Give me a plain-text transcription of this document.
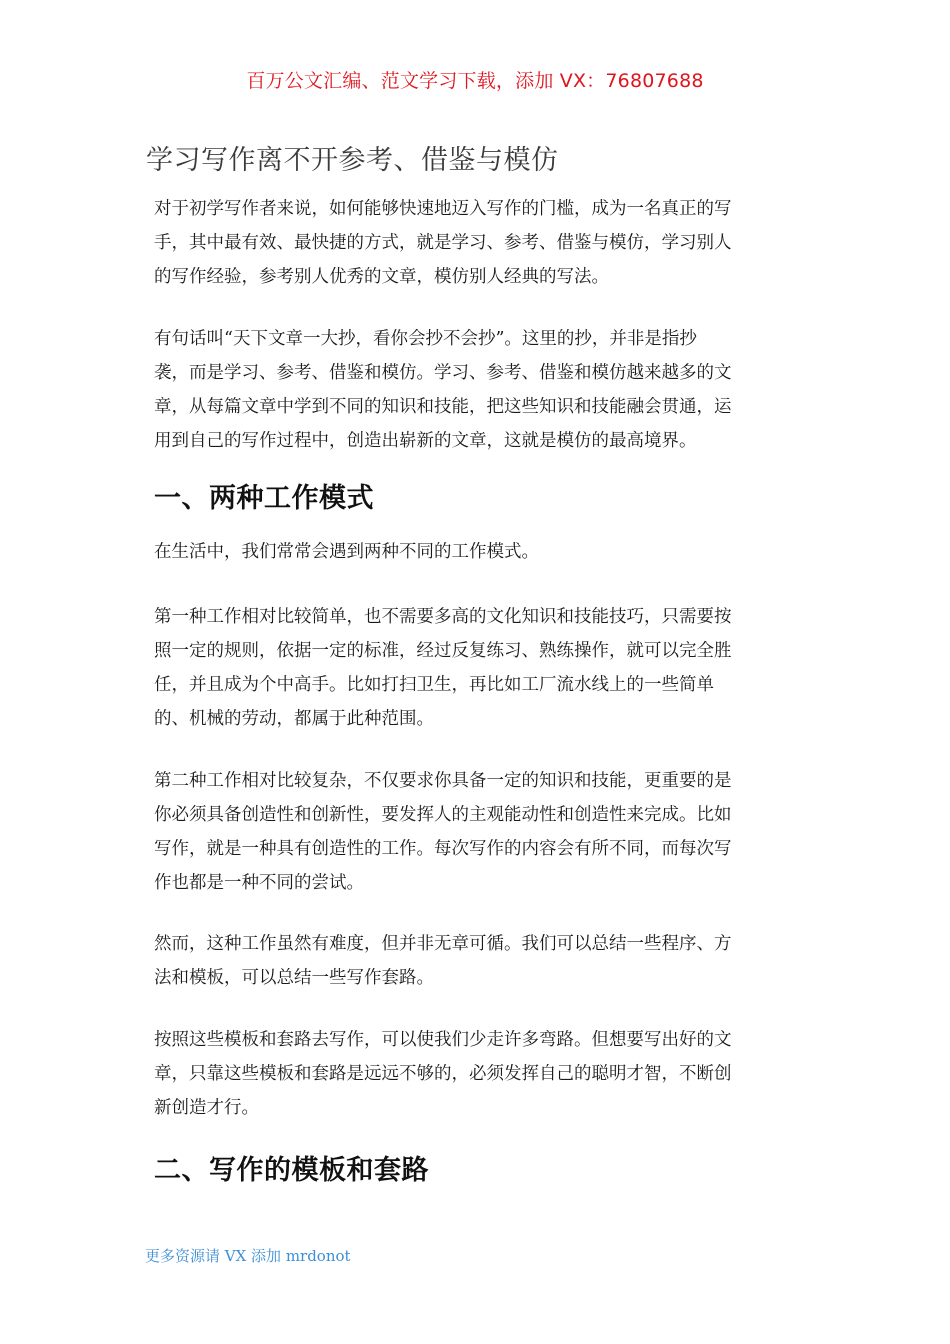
百万公文汇编、范文学习下载，添加 VX：76807688
学习写作离不开参考、借鉴与模仿

对于初学写作者来说，如何能够快速地迈入写作的门槛，成为一名真正的写
手，其中最有效、最快捷的方式，就是学习、参考、借鉴与模仿，学习别人
的写作经验，参考别人优秀的文章，模仿别人经典的写法。

有句话叫“天下文章一大抄，看你会抄不会抄”。这里的抄，并非是指抄
袭，而是学习、参考、借鉴和模仿。学习、参考、借鉴和模仿越来越多的文
章，从每篇文章中学到不同的知识和技能，把这些知识和技能融会贯通，运
用到自己的写作过程中，创造出崭新的文章，这就是模仿的最高境界。

一、两种工作模式

在生活中，我们常常会遇到两种不同的工作模式。

第一种工作相对比较简单，也不需要多高的文化知识和技能技巧，只需要按
照一定的规则，依据一定的标准，经过反复练习、熟练操作，就可以完全胜
任，并且成为个中高手。比如打扫卫生，再比如工厂流水线上的一些简单
的、机械的劳动，都属于此种范围。

第二种工作相对比较复杂，不仅要求你具备一定的知识和技能，更重要的是
你必须具备创造性和创新性，要发挥人的主观能动性和创造性来完成。比如
写作，就是一种具有创造性的工作。每次写作的内容会有所不同，而每次写
作也都是一种不同的尝试。

然而，这种工作虽然有难度，但并非无章可循。我们可以总结一些程序、方
法和模板，可以总结一些写作套路。

按照这些模板和套路去写作，可以使我们少走许多弯路。但想要写出好的文
章，只靠这些模板和套路是远远不够的，必须发挥自己的聪明才智，不断创
新创造才行。

二、写作的模板和套路
更多资源请 VX 添加 mrdonot
